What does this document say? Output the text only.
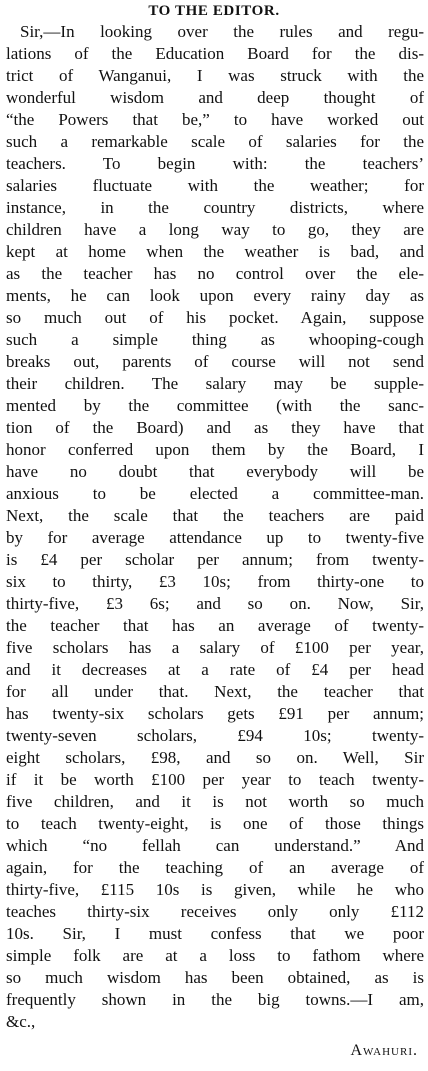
TO THE EDITOR.
Sir,—In looking over the rules and regu-
lations of the Education Board for the dis-
trict of Wanganui, I was struck with the
wonderful wisdom and deep thought of
“the Powers that be,” to have worked out
such a remarkable scale of salaries for the
teachers. To begin with: the teachers’
salaries fluctuate with the weather; for
instance, in the country districts, where
children have a long way to go, they are
kept at home when the weather is bad, and
as the teacher has no control over the ele-
ments, he can look upon every rainy day as
so much out of his pocket. Again, suppose
such a simple thing as whooping-cough
breaks out, parents of course will not send
their children. The salary may be supple-
mented by the committee (with the sanc-
tion of the Board) and as they have that
honor conferred upon them by the Board, I
have no doubt that everybody will be
anxious to be elected a committee-man.
Next, the scale that the teachers are paid
by for average attendance up to twenty-five
is £4 per scholar per annum; from twenty-
six to thirty, £3 10s; from thirty-one to
thirty-five, £3 6s; and so on. Now, Sir,
the teacher that has an average of twenty-
five scholars has a salary of £100 per year,
and it decreases at a rate of £4 per head
for all under that. Next, the teacher that
has twenty-six scholars gets £91 per annum;
twenty-seven scholars, £94 10s; twenty-
eight scholars, £98, and so on. Well, Sir
if it be worth £100 per year to teach twenty-
five children, and it is not worth so much
to teach twenty-eight, is one of those things
which “no fellah can understand.” And
again, for the teaching of an average of
thirty-five, £115 10s is given, while he who
teaches thirty-six receives only only £112
10s. Sir, I must confess that we poor
simple folk are at a loss to fathom where
so much wisdom has been obtained, as is
frequently shown in the big towns.—I am,
&c.,
Awahuri.
